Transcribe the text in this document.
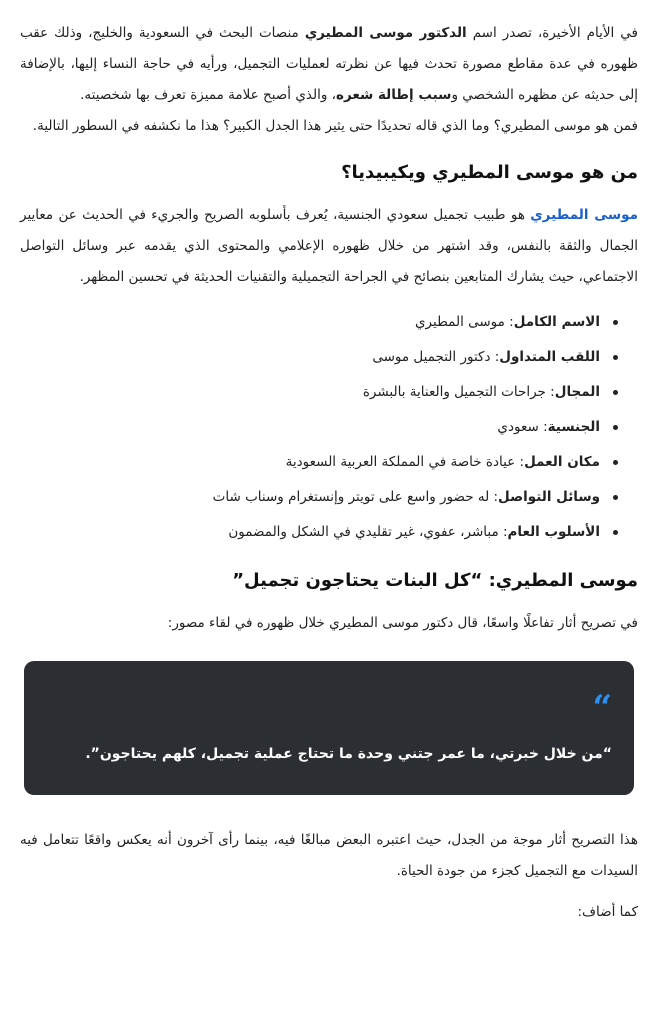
في الأيام الأخيرة، تصدر اسم الدكتور موسى المطيري منصات البحث في السعودية والخليج، وذلك عقب ظهوره في عدة مقاطع مصورة تحدث فيها عن نظرته لعمليات التجميل، ورأيه في حاجة النساء إليها، بالإضافة إلى حديثه عن مظهره الشخصي وسبب إطالة شعره، والذي أصبح علامة مميزة تعرف بها شخصيته.

فمن هو موسى المطيري؟ وما الذي قاله تحديدًا حتى يثير هذا الجدل الكبير؟ هذا ما نكشفه في السطور التالية.

من هو موسى المطيري ويكيبيديا؟

موسى المطيري هو طبيب تجميل سعودي الجنسية، يُعرف بأسلوبه الصريح والجريء في الحديث عن معايير الجمال والثقة بالنفس، وقد اشتهر من خلال ظهوره الإعلامي والمحتوى الذي يقدمه عبر وسائل التواصل الاجتماعي، حيث يشارك المتابعين بنصائح في الجراحة التجميلية والتقنيات الحديثة في تحسين المظهر.

الاسم الكامل: موسى المطيري
اللقب المتداول: دكتور التجميل موسى
المجال: جراحات التجميل والعناية بالبشرة
الجنسية: سعودي
مكان العمل: عيادة خاصة في المملكة العربية السعودية
وسائل التواصل: له حضور واسع على تويتر وإنستغرام وسناب شات
الأسلوب العام: مباشر، عفوي، غير تقليدي في الشكل والمضمون
موسى المطيري: “كل البنات يحتاجون تجميل”

في تصريح أثار تفاعلًا واسعًا، قال دكتور موسى المطيري خلال ظهوره في لقاء مصور:

“
“من خلال خبرتي، ما عمر جتني وحدة ما تحتاج عملية تجميل، كلهم يحتاجون”.

هذا التصريح أثار موجة من الجدل، حيث اعتبره البعض مبالغًا فيه، بينما رأى آخرون أنه يعكس واقعًا تتعامل فيه السيدات مع التجميل كجزء من جودة الحياة.

كما أضاف:
